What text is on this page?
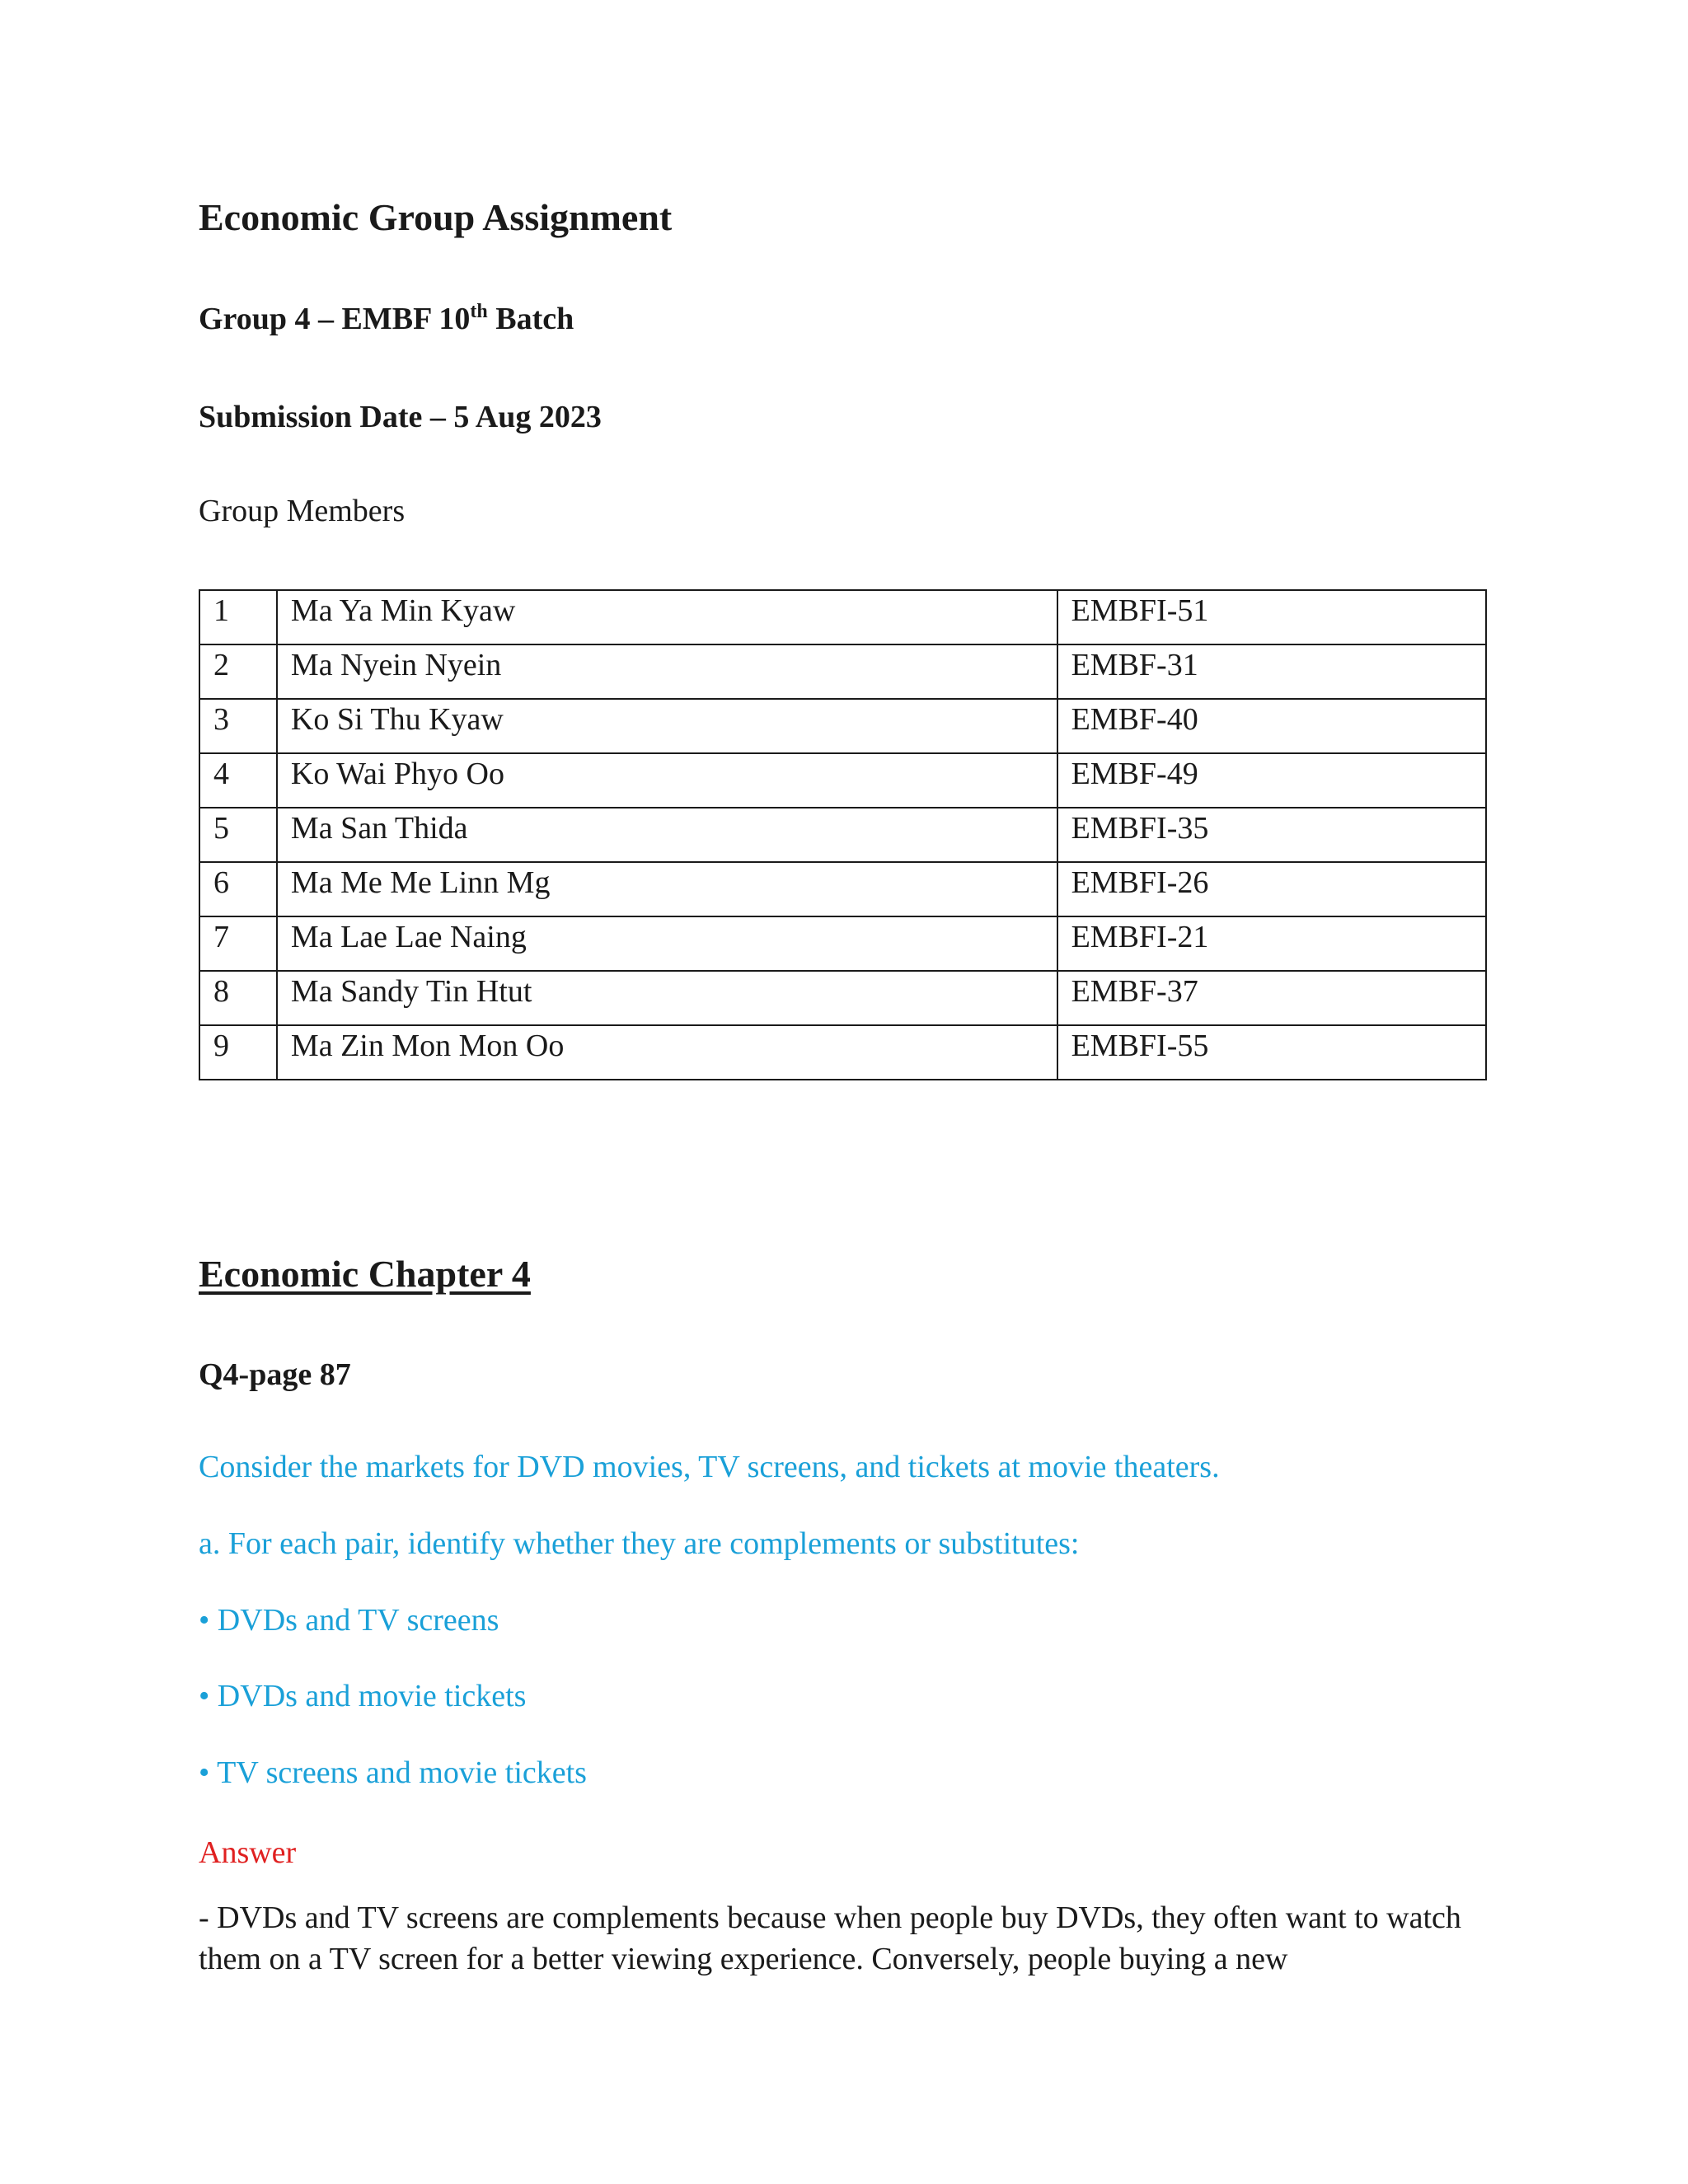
Economic Group Assignment
Group 4 – EMBF 10th Batch
Submission Date – 5 Aug 2023
Group Members
1	Ma Ya Min Kyaw	EMBFI-51
2	Ma Nyein Nyein	EMBF-31
3	Ko Si Thu Kyaw	EMBF-40
4	Ko Wai Phyo Oo	EMBF-49
5	Ma San Thida	EMBFI-35
6	Ma Me Me Linn Mg	EMBFI-26
7	Ma Lae Lae Naing	EMBFI-21
8	Ma Sandy Tin Htut	EMBF-37
9	Ma Zin Mon Mon Oo	EMBFI-55
Economic Chapter 4
Q4-page 87
Consider the markets for DVD movies, TV screens, and tickets at movie theaters.
a. For each pair, identify whether they are complements or substitutes:
• DVDs and TV screens
• DVDs and movie tickets
• TV screens and movie tickets
Answer
- DVDs and TV screens are complements because when people buy DVDs, they often want to watch them on a TV screen for a better viewing experience. Conversely, people buying a new
